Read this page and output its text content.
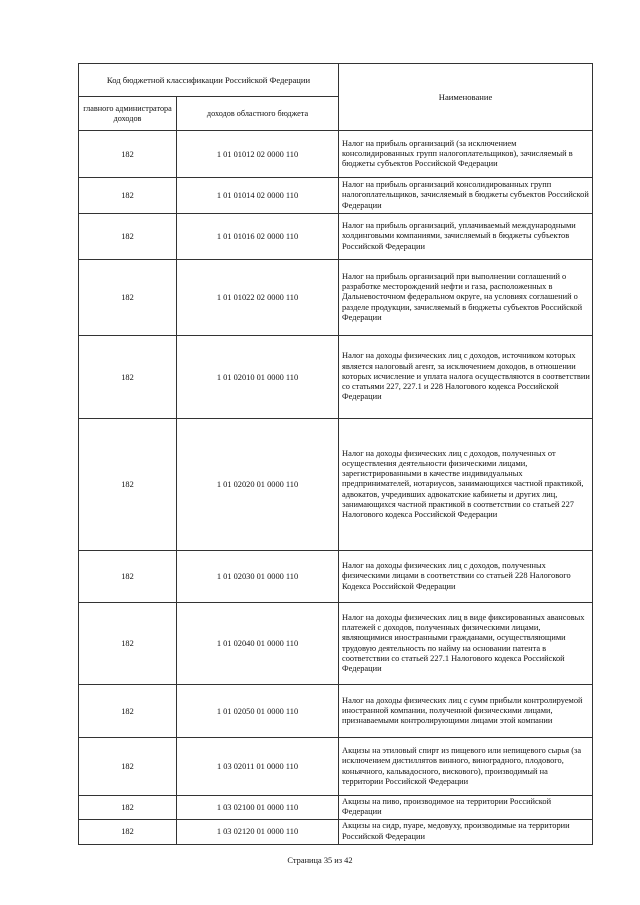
Код бюджетной классификации Российской Федерации		Наименование
главного администратора доходов	доходов областного бюджета	
182	1 01 01012 02 0000 110	Налог на прибыль организаций (за исключением консолидированных групп налогоплательщиков), зачисляемый в бюджеты субъектов Российской Федерации
182	1 01 01014 02 0000 110	Налог на прибыль организаций консолидированных групп налогоплательщиков, зачисляемый в бюджеты субъектов Российской Федерации
182	1 01 01016 02 0000 110	Налог на прибыль организаций, уплачиваемый международными холдинговыми компаниями, зачисляемый в бюджеты субъектов Российской Федерации
182	1 01 01022 02 0000 110	Налог на прибыль организаций при выполнении соглашений о разработке месторождений нефти и газа, расположенных в Дальневосточном федеральном округе, на условиях соглашений о разделе продукции, зачисляемый в бюджеты субъектов Российской Федерации
182	1 01 02010 01 0000 110	Налог на доходы физических лиц с доходов, источником которых является налоговый агент, за исключением доходов, в отношении которых исчисление и уплата налога осуществляются в соответствии со статьями 227, 227.1 и 228 Налогового кодекса Российской Федерации
182	1 01 02020 01 0000 110	Налог на доходы физических лиц с доходов, полученных от осуществления деятельности физическими лицами, зарегистрированными в качестве индивидуальных предпринимателей, нотариусов, занимающихся частной практикой, адвокатов, учредивших адвокатские кабинеты и других лиц, занимающихся частной практикой в соответствии со статьей 227 Налогового кодекса Российской Федерации
182	1 01 02030 01 0000 110	Налог на доходы физических лиц с доходов, полученных физическими лицами в соответствии со статьей 228 Налогового Кодекса Российской Федерации
182	1 01 02040 01 0000 110	Налог на доходы физических лиц в виде фиксированных авансовых платежей с доходов, полученных физическими лицами, являющимися иностранными гражданами, осуществляющими трудовую деятельность по найму на основании патента в соответствии со статьей 227.1 Налогового кодекса Российской Федерации
182	1 01 02050 01 0000 110	Налог на доходы физических лиц с сумм прибыли контролируемой иностранной компании, полученной физическими лицами, признаваемыми контролирующими лицами этой компании
182	1 03 02011 01 0000 110	Акцизы на этиловый спирт из пищевого или непищевого сырья (за исключением дистиллятов винного, виноградного, плодового, коньячного, кальвадосного, вискового), производимый на территории Российской Федерации
182	1 03 02100 01 0000 110	Акцизы на пиво, производимое на территории Российской Федерации
182	1 03 02120 01 0000 110	Акцизы на сидр, пуаре, медовуху, производимые на территории Российской Федерации
Страница 35 из 42
